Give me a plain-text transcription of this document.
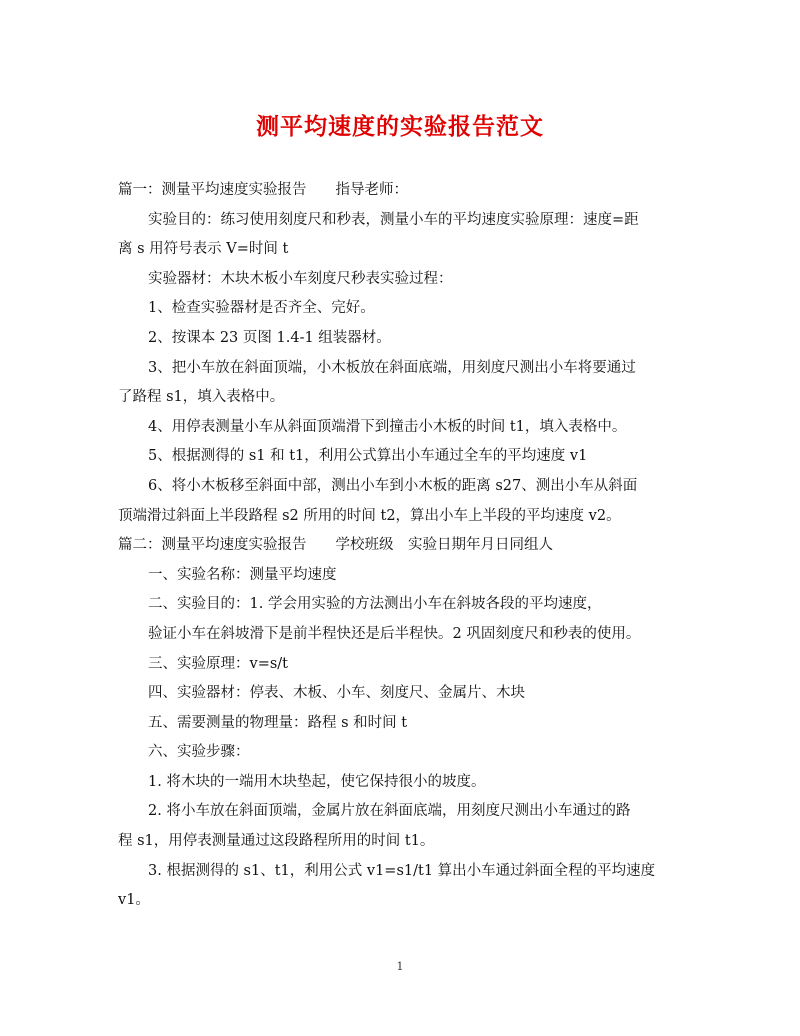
测平均速度的实验报告范文

篇一：测量平均速度实验报告　　指导老师：

实验目的：练习使用刻度尺和秒表，测量小车的平均速度实验原理：速度=距

离 s 用符号表示 V=时间 t

实验器材：木块木板小车刻度尺秒表实验过程：

1、检查实验器材是否齐全、完好。

2、按课本 23 页图 1.4-1 组装器材。

3、把小车放在斜面顶端，小木板放在斜面底端，用刻度尺测出小车将要通过

了路程 s1，填入表格中。

4、用停表测量小车从斜面顶端滑下到撞击小木板的时间 t1，填入表格中。

5、根据测得的 s1 和 t1，利用公式算出小车通过全车的平均速度 v1

6、将小木板移至斜面中部，测出小车到小木板的距离 s27、测出小车从斜面

顶端滑过斜面上半段路程 s2 所用的时间 t2，算出小车上半段的平均速度 v2。

篇二：测量平均速度实验报告　　学校班级　实验日期年月日同组人

一、实验名称：测量平均速度

二、实验目的：1. 学会用实验的方法测出小车在斜坡各段的平均速度，

验证小车在斜坡滑下是前半程快还是后半程快。2 巩固刻度尺和秒表的使用。

三、实验原理：v=s/t

四、实验器材：停表、木板、小车、刻度尺、金属片、木块

五、需要测量的物理量：路程 s 和时间 t

六、实验步骤：

1. 将木块的一端用木块垫起，使它保持很小的坡度。

2. 将小车放在斜面顶端，金属片放在斜面底端，用刻度尺测出小车通过的路

程 s1，用停表测量通过这段路程所用的时间 t1。

3. 根据测得的 s1、t1，利用公式 v1=s1/t1 算出小车通过斜面全程的平均速度

v1。

1
